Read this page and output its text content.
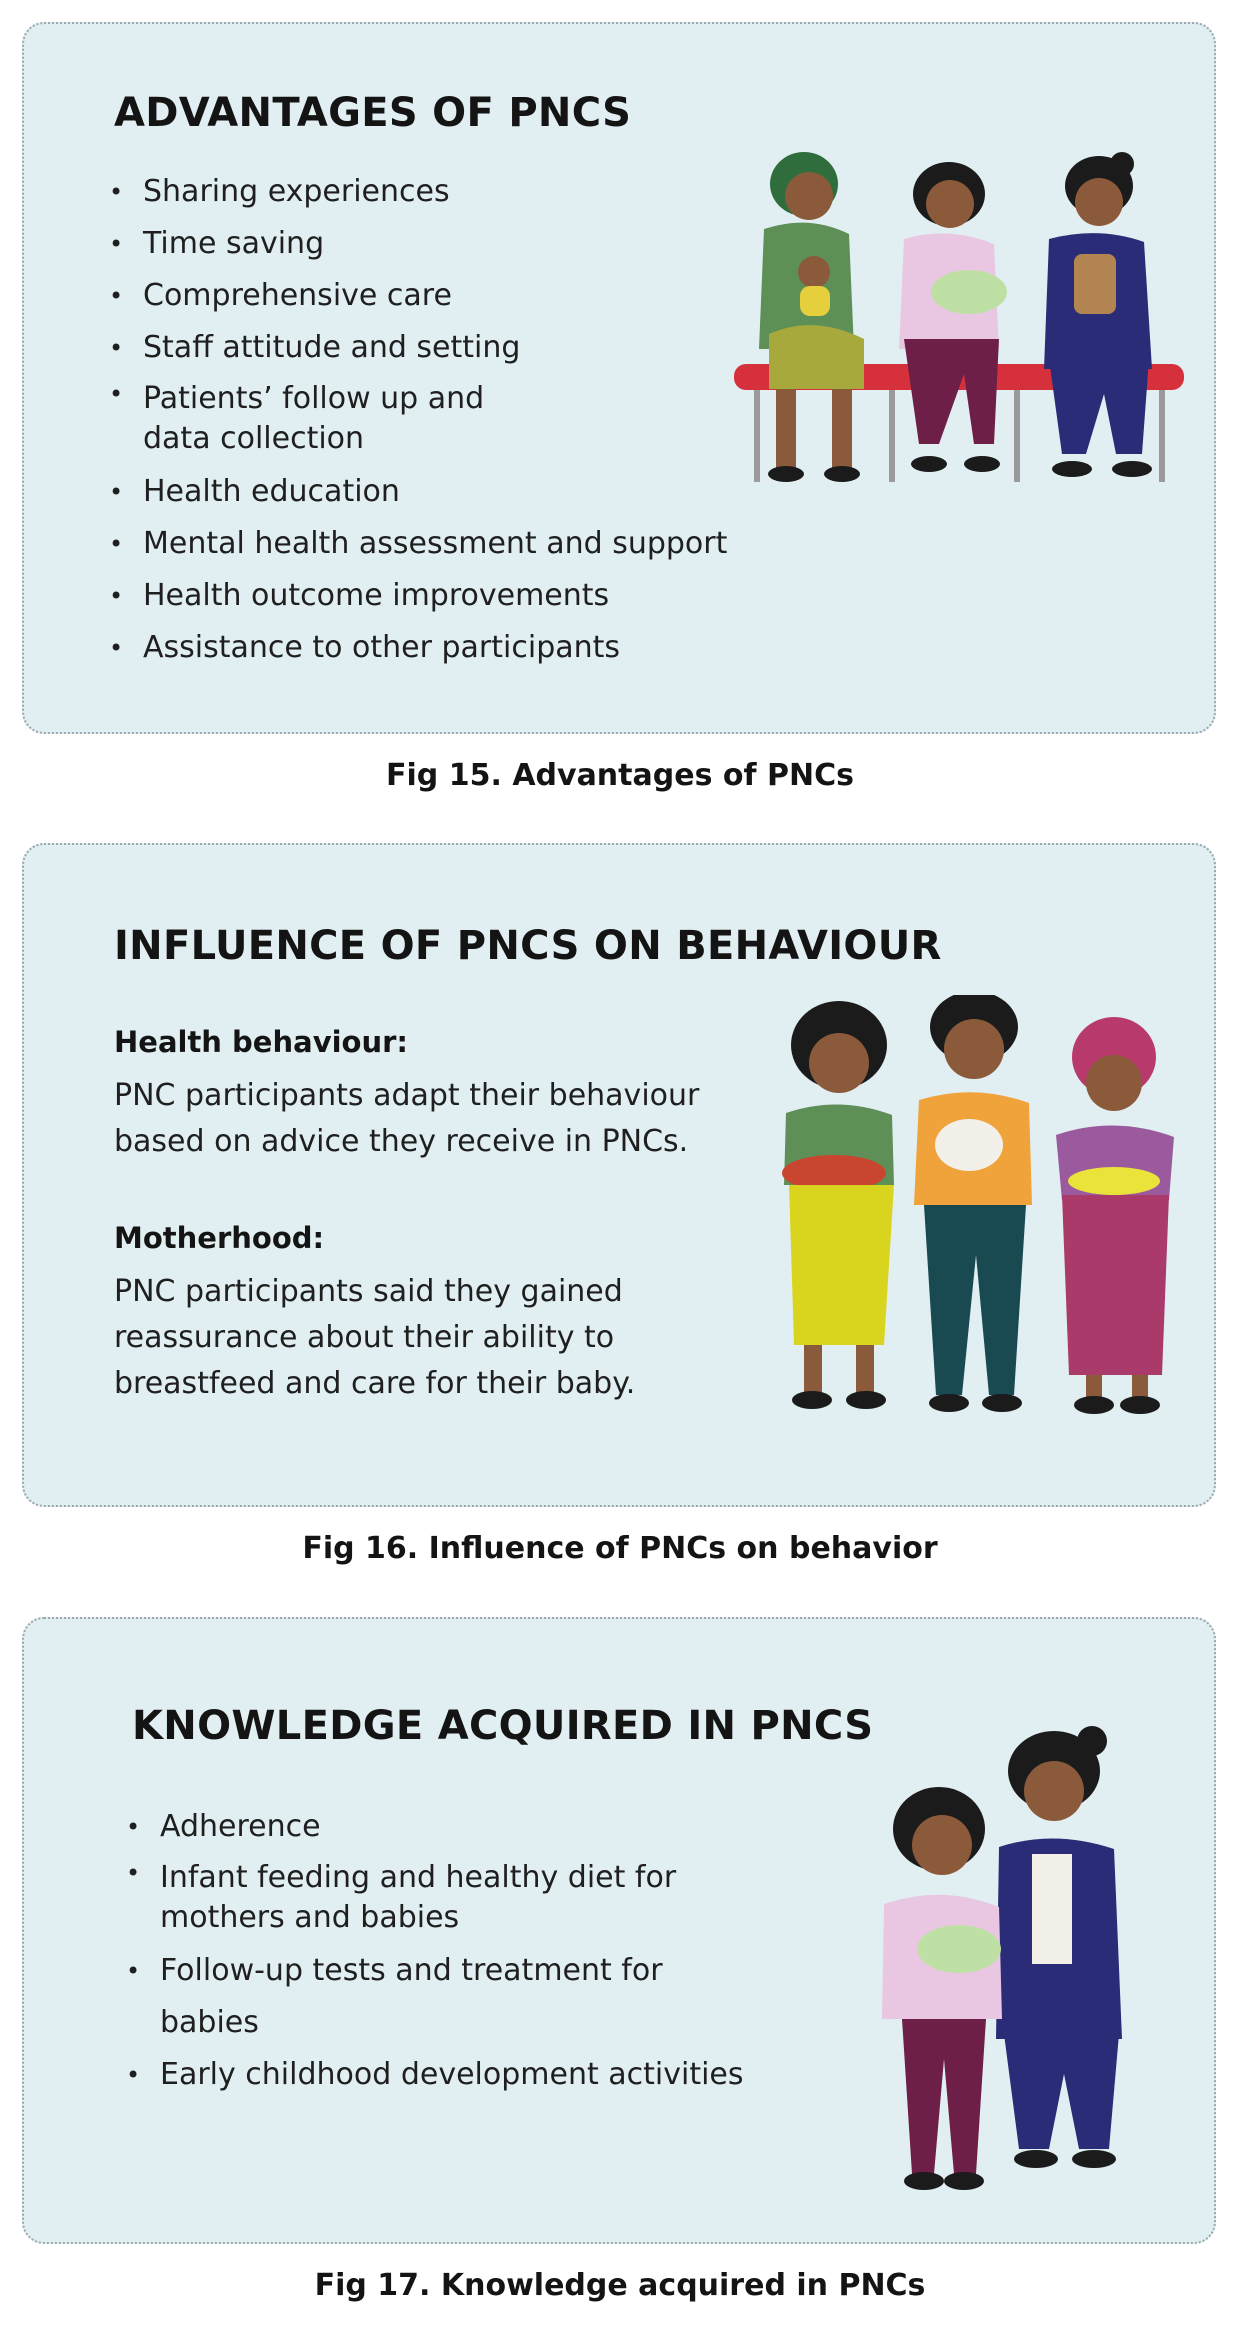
ADVANTAGES OF PNCS
• Sharing experiences
• Time saving
• Comprehensive care
• Staff attitude and setting
• Patients’ follow up and data collection
• Health education
• Mental health assessment and support
• Health outcome improvements
• Assistance to other participants
Fig 15. Advantages of PNCs
INFLUENCE OF PNCS ON BEHAVIOUR

Health behaviour:

PNC participants adapt their behaviour based on advice they receive in PNCs.

Motherhood:

PNC participants said they gained reassurance about their ability to breastfeed and care for their baby.

Fig 16. Influence of PNCs on behavior
KNOWLEDGE ACQUIRED IN PNCS
• Adherence
• Infant feeding and healthy diet for mothers and babies
• Follow-up tests and treatment for babies
• Early childhood development activities
Fig 17. Knowledge acquired in PNCs
